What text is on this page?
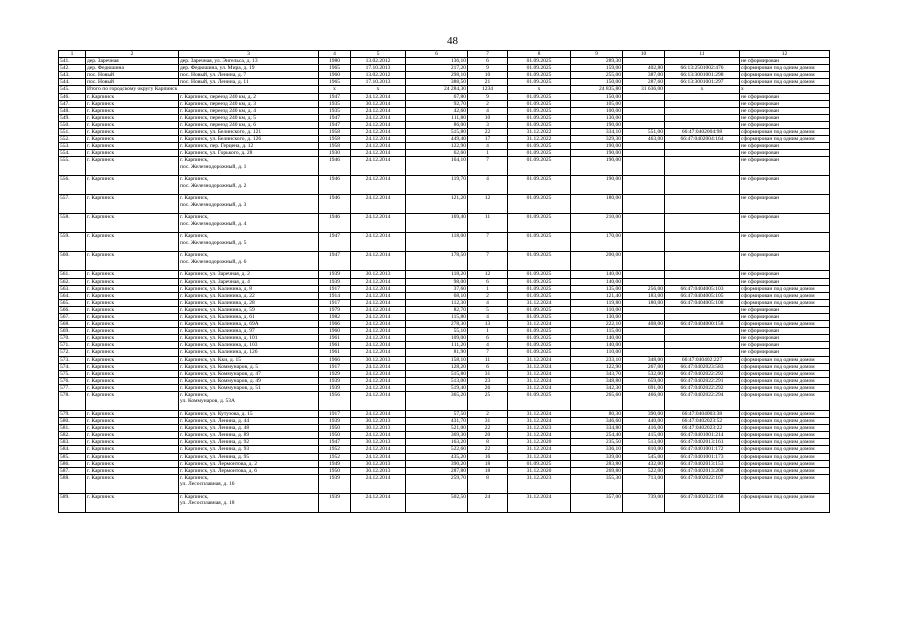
48
1	2	3	4	5	6	7	8	9	10	11	12
541.	дер. Заречная	дер. Заречная, ул. Энгельса, д. 13	1980	13.02.2012	136,10	6	01.09.2025	289,30			не сформирован
542.	дер. Федюшина	дер. Федюшина, ул. Мира, д. 19	1965	17.10.2013	217,20	9	01.09.2025	159,00	402,80	66:13:2501002:476	сформирован под одним домом
543.	пос. Новый	пос. Новый, ул. Ленина, д. 7	1960	13.02.2012	298,10	10	01.09.2025	255,00	387,00	66:13:3001001:298	сформирован под одним домом
544.	пос. Новый	пос. Новый, ул. Ленина, д. 11	1965	17.10.2013	388,50	21	01.09.2025	150,00	287,60	66:13:3001001:297	сформирован под одним домом
545.	Итого по городскому округу Карпинск		x	x	24 284,30	1234	x	24 835,80	31 636,00	x	x
546.	г. Карпинск	г. Карпинск, переезд 240 км, д. 2	1947	24.12.2014	67,80	9	01.09.2025	150,00			не сформирован
547.	г. Карпинск	г. Карпинск, переезд 240 км, д. 3	1935	30.12.2014	92,70	2	01.09.2025	105,00			не сформирован
548.	г. Карпинск	г. Карпинск, переезд 240 км, д. 4	1935	24.12.2014	42,60	4	01.09.2025	100,00			не сформирован
549.	г. Карпинск	г. Карпинск, переезд 240 км, д. 5	1947	24.12.2014	111,80	10	01.09.2025	130,00			не сформирован
550.	г. Карпинск	г. Карпинск, переезд 240 км, д. 6	1947	24.12.2014	86,00	3	01.09.2025	190,00			не сформирован
551.	г. Карпинск	г. Карпинск, ул. Белинского, д. 121	1958	24.12.2014	515,80	22	31.12.2022	334,10	551,00	66:47:0402004:98	сформирован под одним домом
552.	г. Карпинск	г. Карпинск, ул. Белинского, д. 126	1958	24.12.2014	449,40	17	31.12.2022	329,30	463,00	66:47:0402004:164	сформирован под одним домом
553.	г. Карпинск	г. Карпинск, пер. Герцена, д. 12	1958	24.12.2014	122,90	4	01.09.2025	190,00			не сформирован
554.	г. Карпинск	г. Карпинск, ул. Горького, д. 28	1930	24.12.2014	62,60	1	01.09.2025	190,00			не сформирован
555.	г. Карпинск	г. Карпинск,
пос. Железнодорожный, д. 1	1946	24.12.2014	164,10	7	01.09.2025	190,00			не сформирован
556.	г. Карпинск	г. Карпинск,
пос. Железнодорожный, д. 2	1946	24.12.2014	119,70	4	01.09.2025	190,00			не сформирован
557.	г. Карпинск	г. Карпинск,
пос. Железнодорожный, д. 3	1946	24.12.2014	121,20	12	01.09.2025	180,00			не сформирован
558.	г. Карпинск	г. Карпинск,
пос. Железнодорожный, д. 4	1946	24.12.2014	169,40	11	01.09.2025	210,00			не сформирован
559.	г. Карпинск	г. Карпинск,
пос. Железнодорожный, д. 5	1947	24.12.2014	118,00	7	01.09.2025	170,00			не сформирован
560.	г. Карпинск	г. Карпинск,
пос. Железнодорожный, д. 6	1947	24.12.2014	178,50	7	01.09.2025	200,00			не сформирован
561.	г. Карпинск	г. Карпинск, ул. Заречная, д. 2	1939	30.12.2013	118,20	12	01.09.2025	140,00			не сформирован
562.	г. Карпинск	г. Карпинск, ул. Заречная, д. 4	1939	24.12.2014	98,00	6	01.09.2025	140,00			не сформирован
563.	г. Карпинск	г. Карпинск, ул. Калинина, д. 8	1917	24.12.2014	37,60	1	01.09.2025	135,00	256,00	66:47:0404005:103	сформирован под одним домом
564.	г. Карпинск	г. Карпинск, ул. Калинина, д. 22	1914	24.12.2014	68,10	2	01.09.2025	121,40	183,00	66:47:0404005:105	сформирован под одним домом
565.	г. Карпинск	г. Карпинск, ул. Калинина, д. 28	1917	24.12.2014	112,30	4	31.12.2024	119,80	180,00	66:47:0404005:108	сформирован под одним домом
566.	г. Карпинск	г. Карпинск, ул. Калинина, д. 59	1979	24.12.2014	82,70	5	01.09.2025	110,00			не сформирован
567.	г. Карпинск	г. Карпинск, ул. Калинина, д. 61	1982	24.12.2014	115,80	4	01.09.2025	130,00			не сформирован
568.	г. Карпинск	г. Карпинск, ул. Калинина, д. 69А	1966	24.12.2014	278,30	13	31.12.2024	222,10	408,00	66:47:0404000:158	сформирован под одним домом
569.	г. Карпинск	г. Карпинск, ул. Калинина, д. 97	1960	24.12.2014	55,10	1	01.09.2025	115,00			не сформирован
570.	г. Карпинск	г. Карпинск, ул. Калинина, д. 101	1961	24.12.2014	109,00	6	01.09.2025	140,00			не сформирован
571.	г. Карпинск	г. Карпинск, ул. Калинина, д. 103	1961	24.12.2014	111,20	4	01.09.2025	140,00			не сформирован
572.	г. Карпинск	г. Карпинск, ул. Калинина, д. 126	1961	24.12.2014	81,90	7	01.09.2025	110,00			не сформирован
573.	г. Карпинск	г. Карпинск, ул. Кки, д. 15	1966	30.12.2013	158,10	11	31.12.2024	233,10	348,00	66:47:040402:227	сформирован под одним домом
574.	г. Карпинск	г. Карпинск, ул. Коммунаров, д. 5	1917	24.12.2014	128,20	6	31.12.2024	122,90	267,00	66:47:0402023:583	сформирован под одним домом
575.	г. Карпинск	г. Карпинск, ул. Коммунаров, д. 47	1929	24.12.2014	515,80	31	31.12.2024	343,70	532,00	66:47:0402022:292	сформирован под одним домом
576.	г. Карпинск	г. Карпинск, ул. Коммунаров, д. 49	1939	24.12.2014	513,00	23	31.12.2024	348,80	659,00	66:47:0402022:291	сформирован под одним домом
577.	г. Карпинск	г. Карпинск, ул. Коммунаров, д. 51	1939	24.12.2014	519,40	26	31.12.2024	342,30	691,00	66:47:0402022:292	сформирован под одним домом
578.	г. Карпинск	г. Карпинск,
ул. Коммунаров, д. 53А	1956	24.12.2014	365,20	25	01.09.2025	265,60	466,00	66:47:0402022:294	сформирован под одним домом
579.	г. Карпинск	г. Карпинск, ул. Кутузова, д. 15	1917	24.12.2014	57,50	2	31.12.2024	80,30	390,00	66:47:0404003:38	сформирован под одним домом
580.	г. Карпинск	г. Карпинск, ул. Ленина, д. 44	1939	30.12.2013	431,70	31	31.12.2024	346,60	440,00	66:47:0402023:52	сформирован под одним домом
581.	г. Карпинск	г. Карпинск, ул. Ленина, д. 48	1950	30.12.2013	521,00	22	31.12.2023	334,80	416,00	66:47:0402023:22	сформирован под одним домом
582.	г. Карпинск	г. Карпинск, ул. Ленина, д. 89	1950	24.12.2014	369,30	20	31.12.2024	254,40	415,00	66:47:0401001:214	сформирован под одним домом
583.	г. Карпинск	г. Карпинск, ул. Ленина, д. 92	1947	30.12.2013	163,20	8	31.12.2020	235,50	513,00	66:47:0402013:161	сформирован под одним домом
584.	г. Карпинск	г. Карпинск, ул. Ленина, д. 93	1952	24.12.2014	522,60	22	31.12.2024	336,10	810,00	66:47:0401001:172	сформирован под одним домом
585.	г. Карпинск	г. Карпинск, ул. Ленина, д. 95	1952	24.12.2014	435,20	16	31.12.2024	339,00	545,00	66:47:0401001:173	сформирован под одним домом
586.	г. Карпинск	г. Карпинск, ул. Лермонтова, д. 2	1949	30.12.2013	390,20	18	01.09.2025	283,80	432,00	66:47:0402013:153	сформирован под одним домом
587.	г. Карпинск	г. Карпинск, ул. Лермонтова, д. 6	1950	30.12.2013	287,80	18	31.12.2020	269,80	522,00	66:47:0402013:208	сформирован под одним домом
588.	г. Карпинск	г. Карпинск,
ул. Лесосплавная, д. 16	1939	24.12.2014	259,70	8	31.12.2023	355,30	713,00	66:47:0402022:167	сформирован под одним домом
589.	г. Карпинск	г. Карпинск,
ул. Лесосплавная, д. 18	1939	24.12.2014	502,50	24	31.12.2024	357,00	739,00	66:47:0402022:168	сформирован под одним домом
